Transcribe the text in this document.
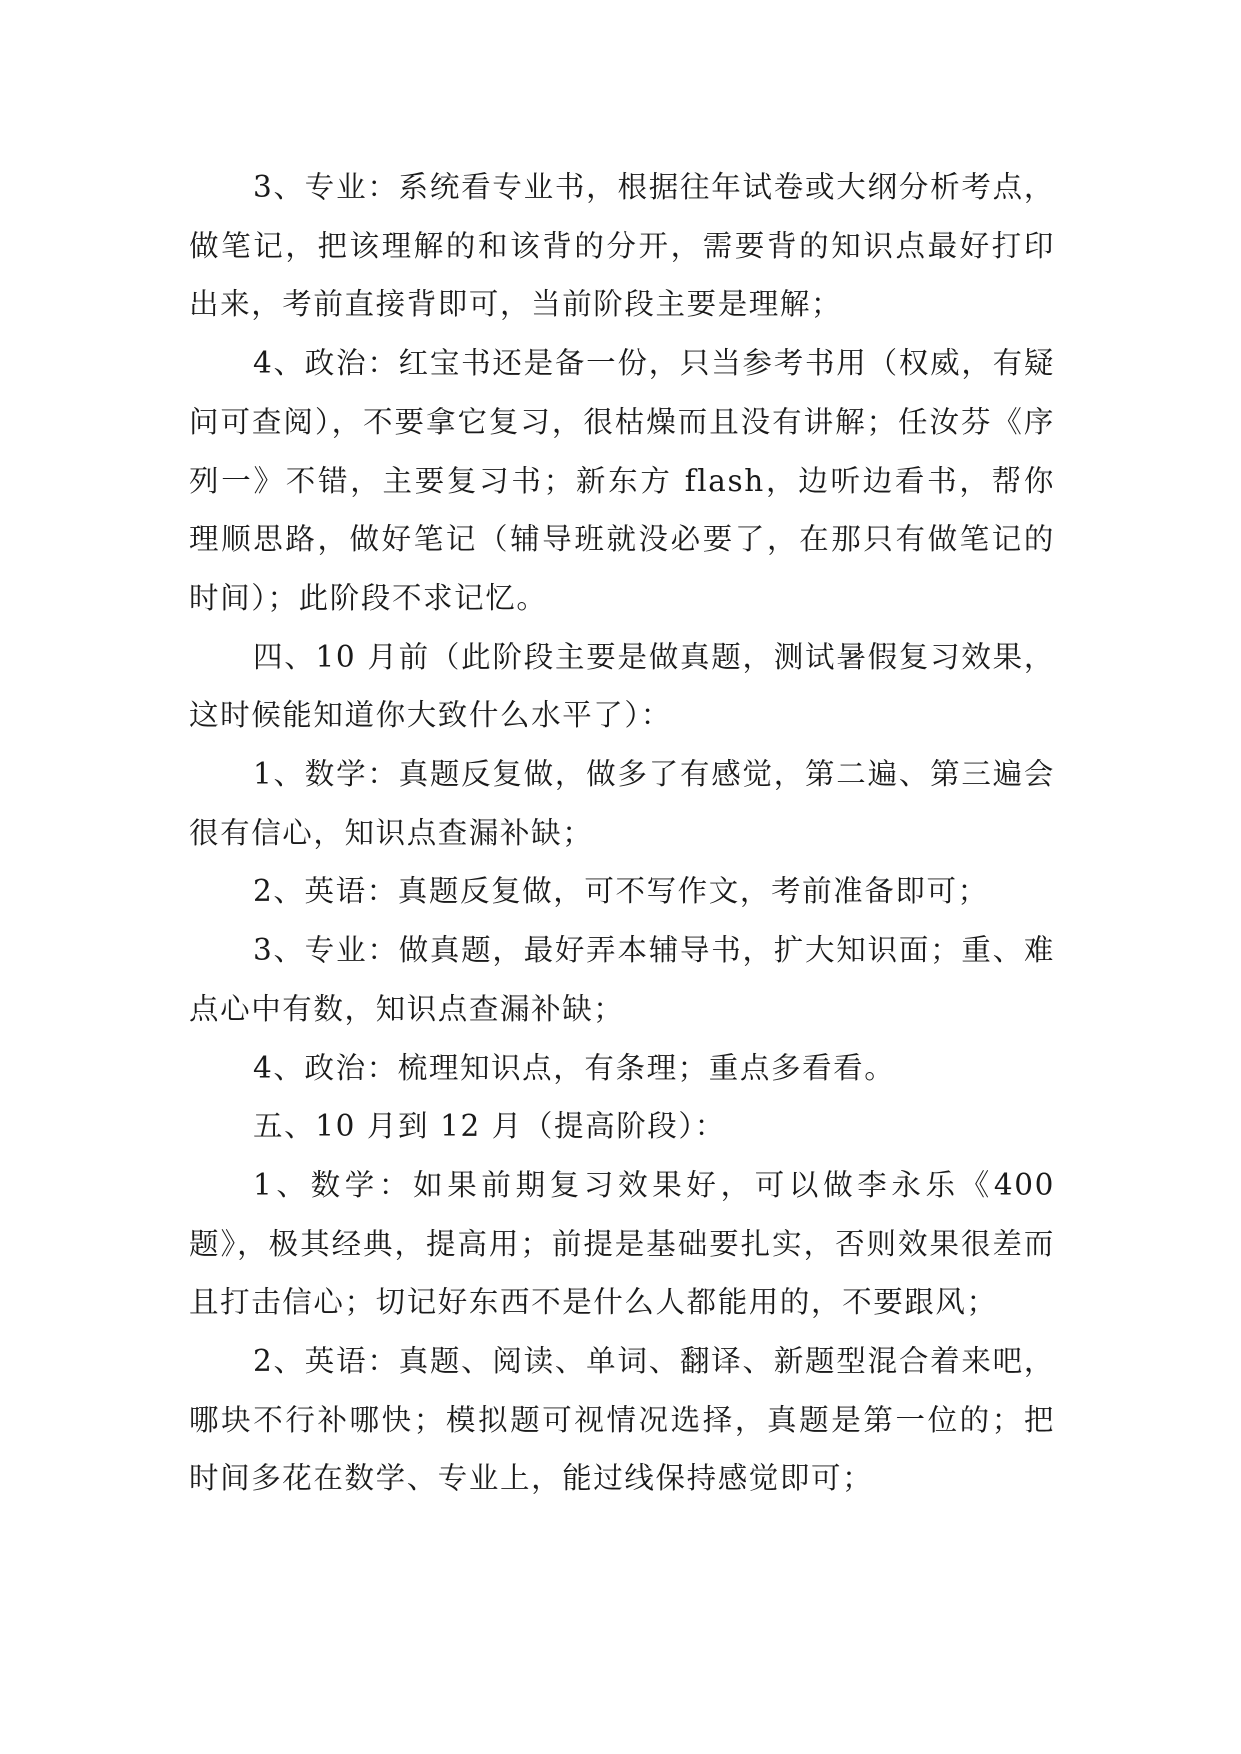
3、专业：系统看专业书，根据往年试卷或大纲分析考点，做笔记，把该理解的和该背的分开，需要背的知识点最好打印出来，考前直接背即可，当前阶段主要是理解；

4、政治：红宝书还是备一份，只当参考书用（权威，有疑问可查阅），不要拿它复习，很枯燥而且没有讲解；任汝芬《序列一》不错，主要复习书；新东方 flash，边听边看书，帮你理顺思路，做好笔记（辅导班就没必要了，在那只有做笔记的时间）；此阶段不求记忆。

四、10 月前（此阶段主要是做真题，测试暑假复习效果，这时候能知道你大致什么水平了）：

1、数学：真题反复做，做多了有感觉，第二遍、第三遍会很有信心，知识点查漏补缺；

2、英语：真题反复做，可不写作文，考前准备即可；

3、专业：做真题，最好弄本辅导书，扩大知识面；重、难点心中有数，知识点查漏补缺；

4、政治：梳理知识点，有条理；重点多看看。

五、10 月到 12 月（提高阶段）：

1、数学：如果前期复习效果好，可以做李永乐《400 题》，极其经典，提高用；前提是基础要扎实，否则效果很差而且打击信心；切记好东西不是什么人都能用的，不要跟风；

2、英语：真题、阅读、单词、翻译、新题型混合着来吧，哪块不行补哪快；模拟题可视情况选择，真题是第一位的；把时间多花在数学、专业上，能过线保持感觉即可；
